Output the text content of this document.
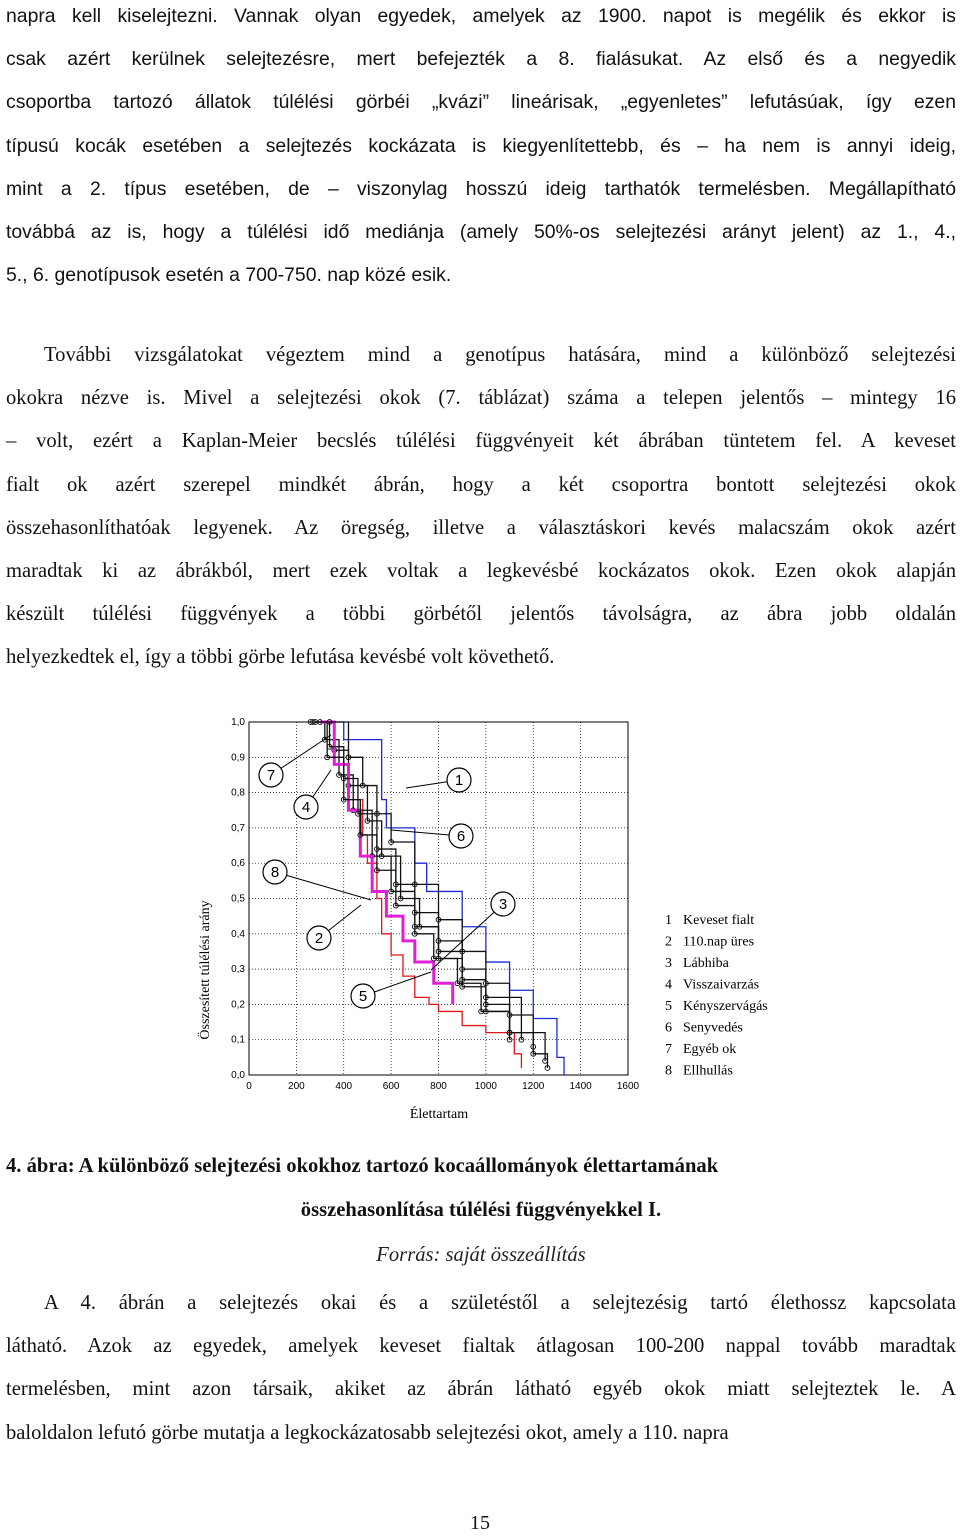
napra kell kiselejtezni. Vannak olyan egyedek, amelyek az 1900. napot is megélik és ekkor is
csak azért kerülnek selejtezésre, mert befejezték a 8. fialásukat. Az első és a negyedik
csoportba tartozó állatok túlélési görbéi „kvázi” lineárisak, „egyenletes” lefutásúak, így ezen
típusú kocák esetében a selejtezés kockázata is kiegyenlítettebb, és – ha nem is annyi ideig,
mint a 2. típus esetében, de – viszonylag hosszú ideig tarthatók termelésben. Megállapítható
továbbá az is, hogy a túlélési idő mediánja (amely 50%-os selejtezési arányt jelent) az 1., 4.,
5., 6. genotípusok esetén a 700-750. nap közé esik.
További vizsgálatokat végeztem mind a genotípus hatására, mind a különböző selejtezési
okokra nézve is. Mivel a selejtezési okok (7. táblázat) száma a telepen jelentős – mintegy 16
– volt, ezért a Kaplan-Meier becslés túlélési függvényeit két ábrában tüntetem fel. A keveset
fialt ok azért szerepel mindkét ábrán, hogy a két csoportra bontott selejtezési okok
összehasonlíthatóak legyenek. Az öregség, illetve a választáskori kevés malacszám okok azért
maradtak ki az ábrákból, mert ezek voltak a legkevésbé kockázatos okok. Ezen okok alapján
készült túlélési függvények a többi görbétől jelentős távolságra, az ábra jobb oldalán
helyezkedtek el, így a többi görbe lefutása kevésbé volt követhető.
0	200	400	600	800	1000	1200	1400	1600
0,0
0,1
0,2
0,3
0,4
0,5
0,6
0,7
0,8
0,9
1,0
Összesített túlélési arány
Élettartam
7
4
1
6
8
3
2
5
1 Keveset fialt
2 110.nap üres
3 Lábhiba
4 Visszaivarzás
5 Kényszervágás
6 Senyvedés
7 Egyéb ok
8 Ellhullás
4. ábra: A különböző selejtezési okokhoz tartozó kocaállományok élettartamának
összehasonlítása túlélési függvényekkel I.
Forrás: saját összeállítás
A 4. ábrán a selejtezés okai és a születéstől a selejtezésig tartó élethossz kapcsolata
látható. Azok az egyedek, amelyek keveset fialtak átlagosan 100-200 nappal tovább maradtak
termelésben, mint azon társaik, akiket az ábrán látható egyéb okok miatt selejteztek le. A
baloldalon lefutó görbe mutatja a legkockázatosabb selejtezési okot, amely a 110. napra
15
